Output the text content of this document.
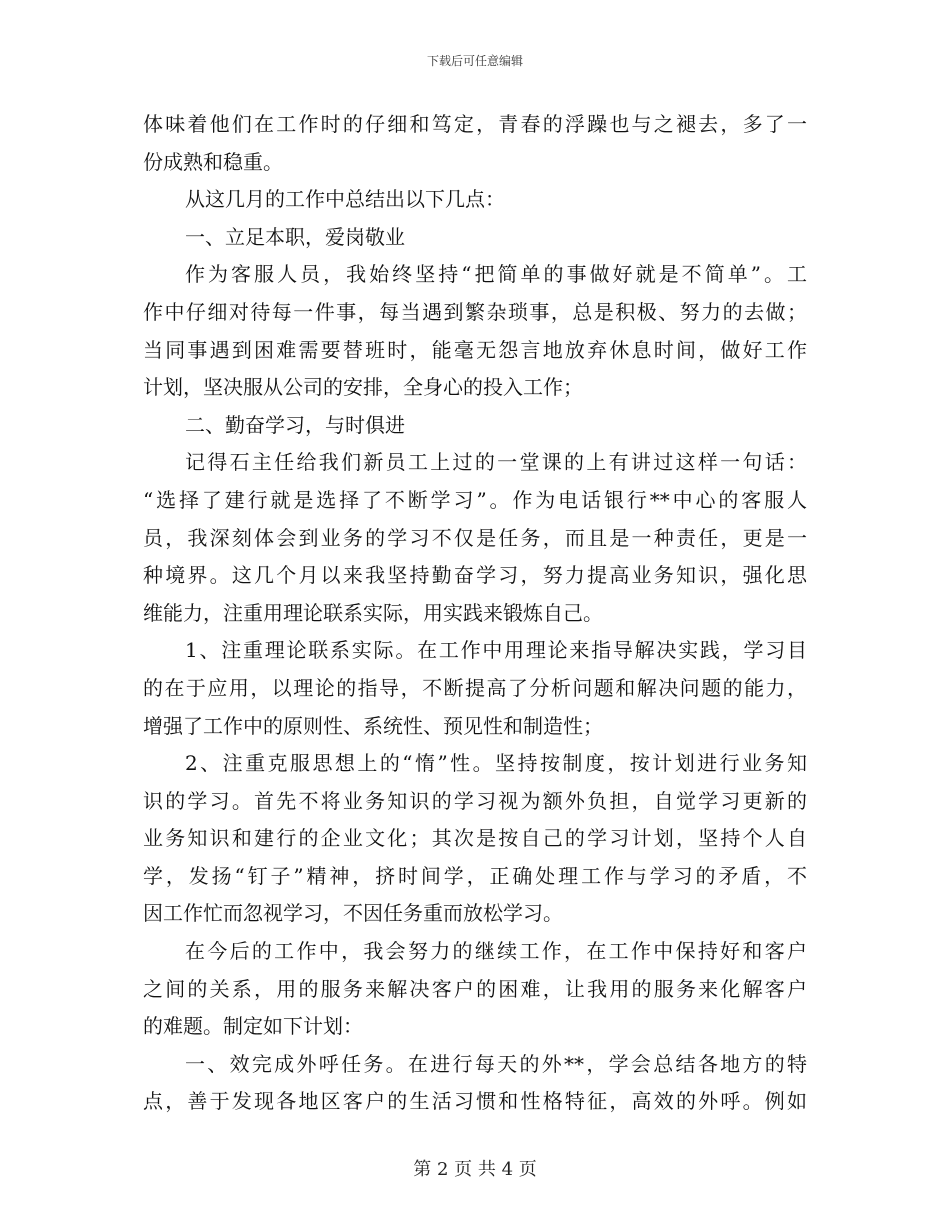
下载后可任意编辑
体味着他们在工作时的仔细和笃定，青春的浮躁也与之褪去，多了一
份成熟和稳重。
从这几月的工作中总结出以下几点：
一、立足本职，爱岗敬业
作为客服人员，我始终坚持“把简单的事做好就是不简单”。工
作中仔细对待每一件事，每当遇到繁杂琐事，总是积极、努力的去做；
当同事遇到困难需要替班时，能毫无怨言地放弃休息时间，做好工作
计划，坚决服从公司的安排，全身心的投入工作；
二、勤奋学习，与时俱进
记得石主任给我们新员工上过的一堂课的上有讲过这样一句话：
“选择了建行就是选择了不断学习”。作为电话银行**中心的客服人
员，我深刻体会到业务的学习不仅是任务，而且是一种责任，更是一
种境界。这几个月以来我坚持勤奋学习，努力提高业务知识，强化思
维能力，注重用理论联系实际，用实践来锻炼自己。
1、注重理论联系实际。在工作中用理论来指导解决实践，学习目
的在于应用，以理论的指导，不断提高了分析问题和解决问题的能力，
增强了工作中的原则性、系统性、预见性和制造性；
2、注重克服思想上的“惰”性。坚持按制度，按计划进行业务知
识的学习。首先不将业务知识的学习视为额外负担，自觉学习更新的
业务知识和建行的企业文化；其次是按自己的学习计划，坚持个人自
学，发扬“钉子”精神，挤时间学，正确处理工作与学习的矛盾，不
因工作忙而忽视学习，不因任务重而放松学习。
在今后的工作中，我会努力的继续工作，在工作中保持好和客户
之间的关系，用的服务来解决客户的困难，让我用的服务来化解客户
的难题。制定如下计划：
一、效完成外呼任务。在进行每天的外**，学会总结各地方的特
点，善于发现各地区客户的生活习惯和性格特征，高效的外呼。例如
第 2 页 共 4 页
